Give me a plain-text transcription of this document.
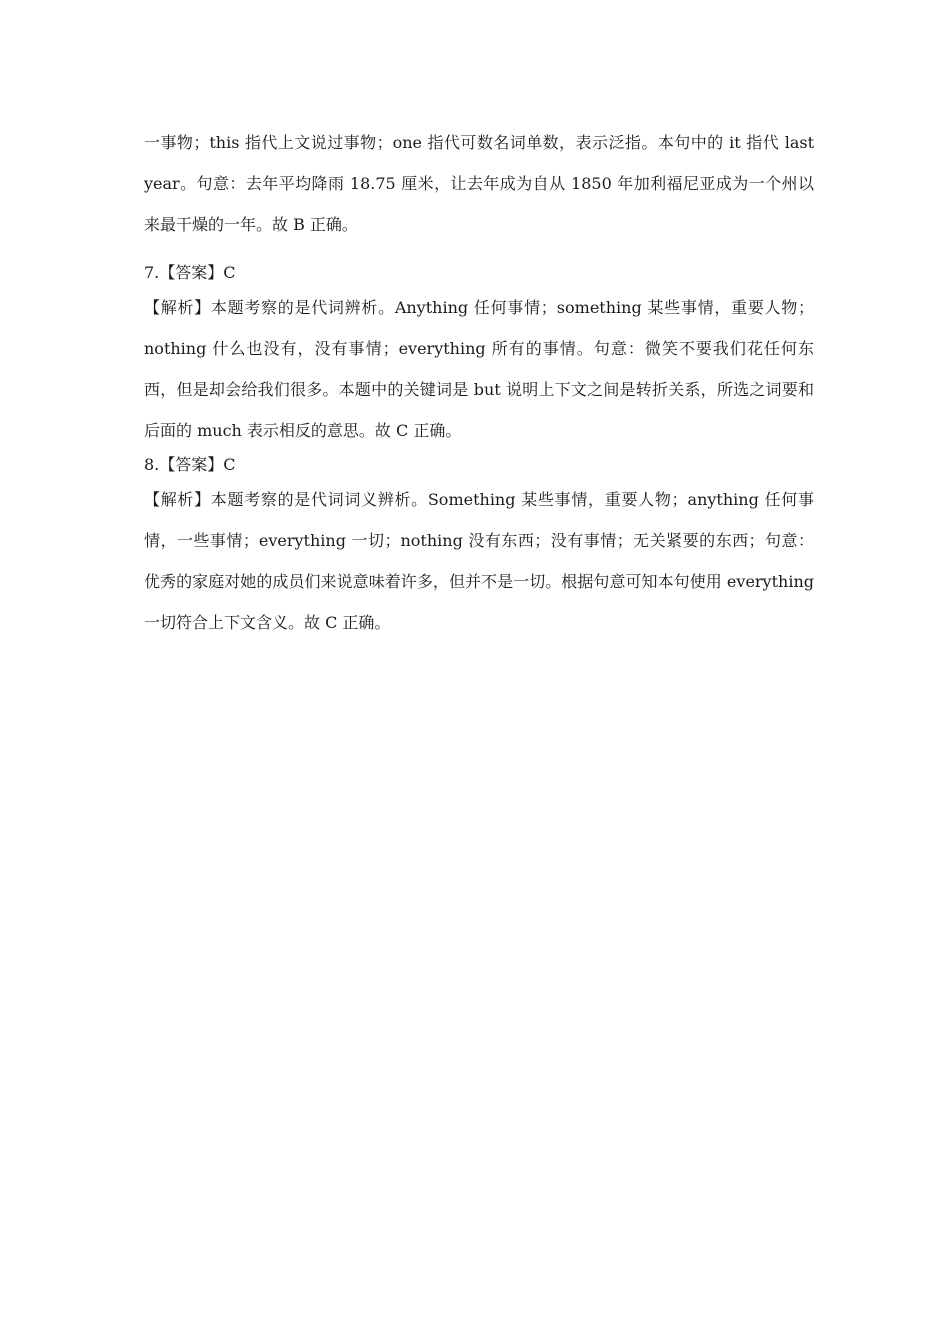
一事物；this 指代上文说过事物；one 指代可数名词单数，表示泛指。本句中的 it 指代 last year。句意：去年平均降雨 18.75 厘米，让去年成为自从 1850 年加利福尼亚成为一个州以来最干燥的一年。故 B 正确。

7.【答案】C

【解析】本题考察的是代词辨析。Anything 任何事情；something 某些事情，重要人物；nothing 什么也没有，没有事情；everything 所有的事情。句意：微笑不要我们花任何东西，但是却会给我们很多。本题中的关键词是 but 说明上下文之间是转折关系，所选之词要和后面的 much 表示相反的意思。故 C 正确。

8.【答案】C

【解析】本题考察的是代词词义辨析。Something 某些事情，重要人物；anything 任何事情，一些事情；everything 一切；nothing 没有东西；没有事情；无关紧要的东西；句意：优秀的家庭对她的成员们来说意味着许多，但并不是一切。根据句意可知本句使用 everything 一切符合上下文含义。故 C 正确。
